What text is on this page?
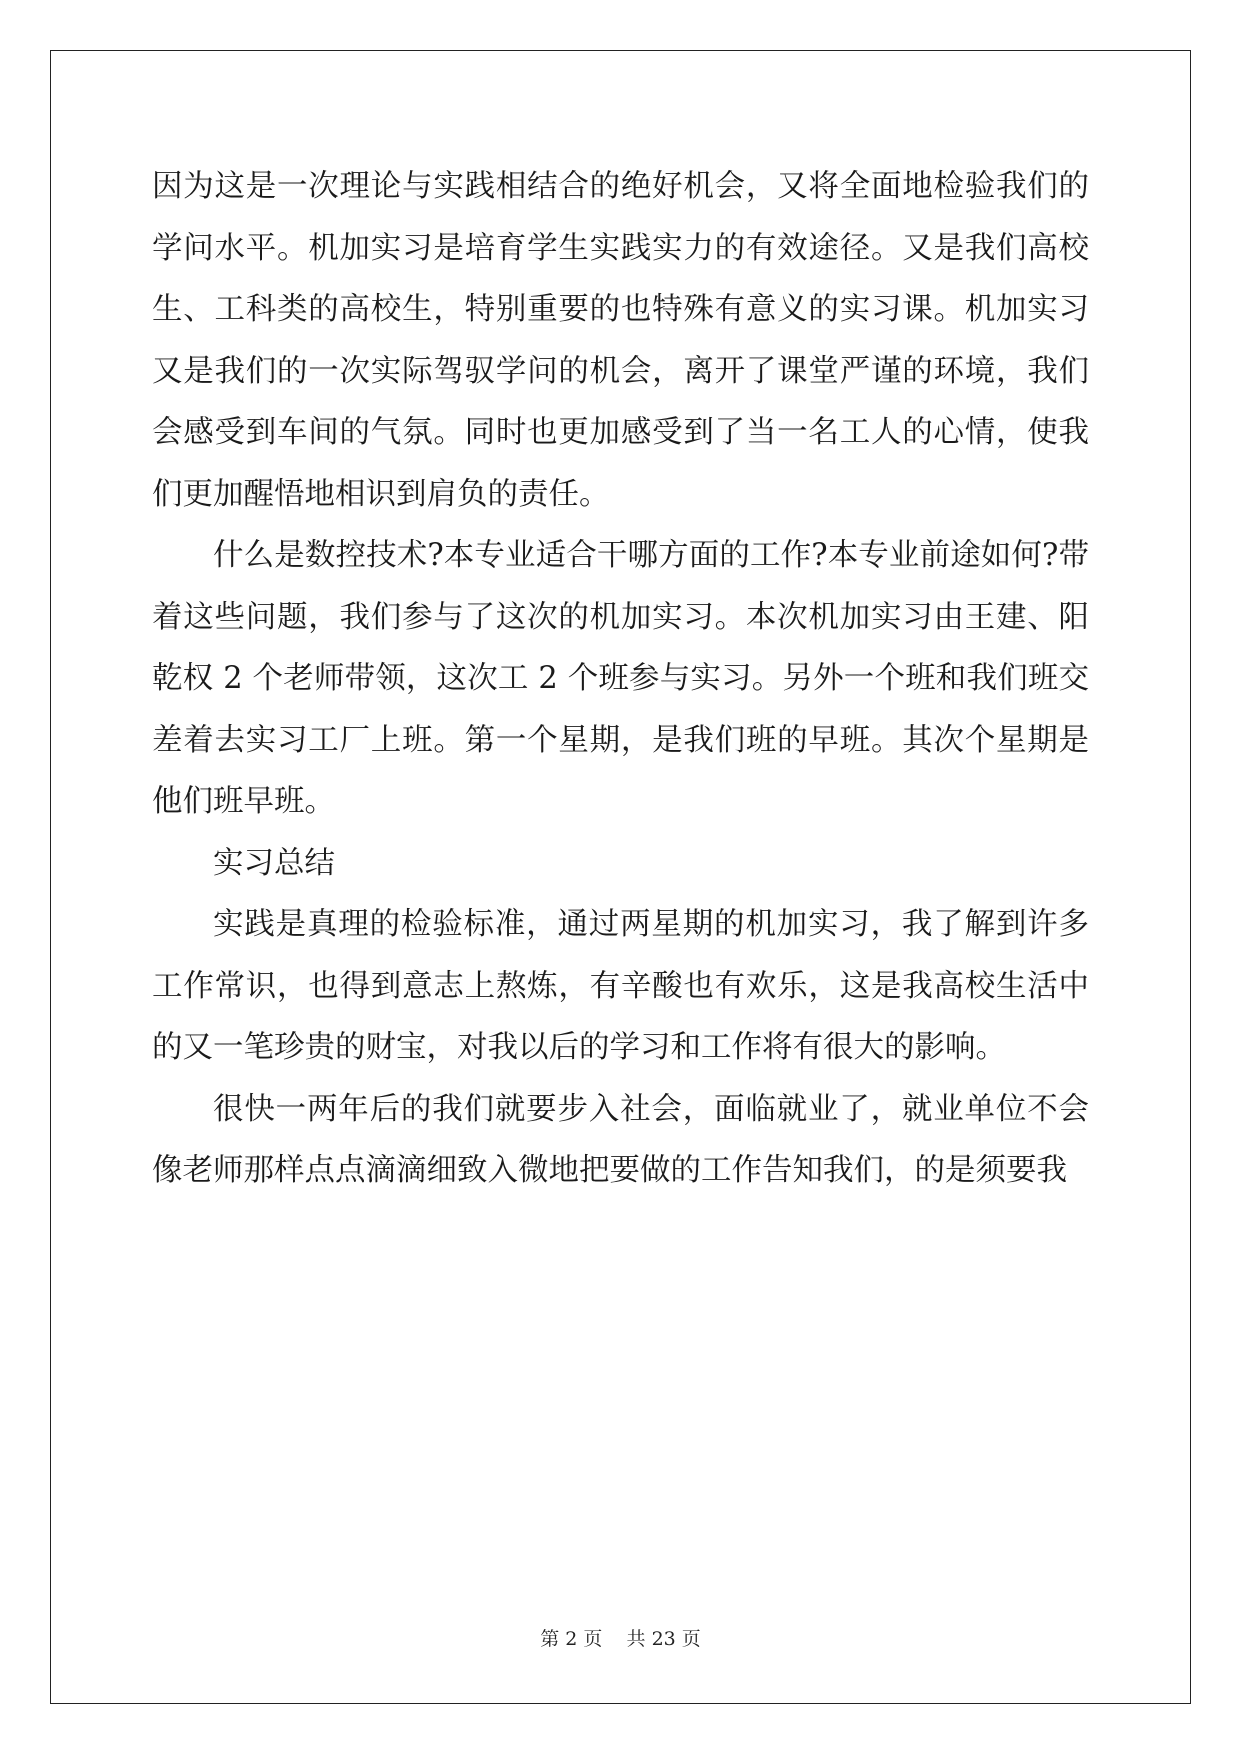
因为这是一次理论与实践相结合的绝好机会，又将全面地检验我们的学问水平。机加实习是培育学生实践实力的有效途径。又是我们高校生、工科类的高校生，特别重要的也特殊有意义的实习课。机加实习又是我们的一次实际驾驭学问的机会，离开了课堂严谨的环境，我们会感受到车间的气氛。同时也更加感受到了当一名工人的心情，使我们更加醒悟地相识到肩负的责任。

什么是数控技术?本专业适合干哪方面的工作?本专业前途如何?带着这些问题，我们参与了这次的机加实习。本次机加实习由王建、阳乾权 2 个老师带领，这次工 2 个班参与实习。另外一个班和我们班交差着去实习工厂上班。第一个星期，是我们班的早班。其次个星期是他们班早班。

实习总结

实践是真理的检验标准，通过两星期的机加实习，我了解到许多工作常识，也得到意志上熬炼，有辛酸也有欢乐，这是我高校生活中的又一笔珍贵的财宝，对我以后的学习和工作将有很大的影响。

很快一两年后的我们就要步入社会，面临就业了，就业单位不会像老师那样点点滴滴细致入微地把要做的工作告知我们，的是须要我

第 2 页 共 23 页
